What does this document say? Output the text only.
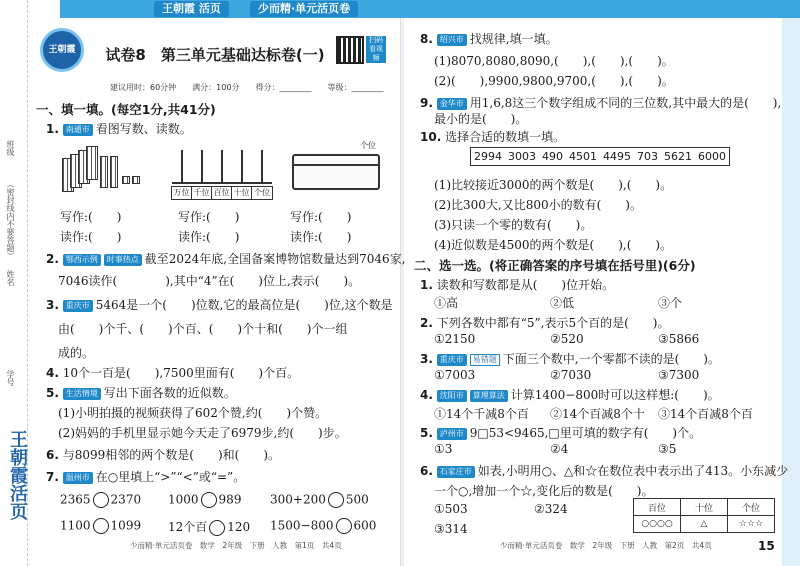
王朝霞 活页	少而精·单元活页卷
班级
（密封线内不要答题）
姓名
学号
王朝霞活页
王朝霞	试卷8　第三单元基础达标卷(一)
扫码看视频
建议用时：60分钟　　满分：100分　　得分：________　　等级：________
一、填一填。(每空1分,共41分)
1. 南通市 看图写数、读数。
万位 千位 百位 十位 个位
个位
写作:(　　)	写作:(　　)	写作:(　　)
读作:(　　)	读作:(　　)	读作:(　　)
2. 鄂西示例 时事热点 截至2024年底,全国备案博物馆数量达到7046家,
7046读作(　　　　),其中“4”在(　　)位上,表示(　　)。
3. 重庆市 5464是一个(　　)位数,它的最高位是(　　)位,这个数是
由(　　)个千、(　　)个百、(　　)个十和(　　)个一组
成的。
4. 10个一百是(　　),7500里面有(　　)个百。
5. 生活情境 写出下面各数的近似数。
(1)小明拍摄的视频获得了602个赞,约(　　)个赞。
(2)妈妈的手机里显示她今天走了6979步,约(　　)步。
6. 与8099相邻的两个数是(　　)和(　　)。
7. 温州市 在○里填上“>”“<”或“=”。
2365 2370 1000 989 300+200 500
1100 1099 12个百 120 1500−800 600
少而精·单元活页卷　数学　2年级　下册　人教　第1页　共4页
8. 绍兴市 找规律,填一填。
(1)8070,8080,8090,(　　),(　　),(　　)。
(2)(　　),9900,9800,9700,(　　),(　　)。
9. 金华市 用1,6,8这三个数字组成不同的三位数,其中最大的是(　　),
最小的是(　　)。
10. 选择合适的数填一填。
2994 3003 490 4501 4495 703 5621 6000
(1)比较接近3000的两个数是(　　),(　　)。
(2)比300大,又比800小的数有(　　)。
(3)只读一个零的数有(　　)。
(4)近似数是4500的两个数是(　　),(　　)。
二、选一选。(将正确答案的序号填在括号里)(6分)
1. 读数和写数都是从(　　)位开始。
①高	②低	③个
2. 下列各数中都有“5”,表示5个百的是(　　)。
①2150	②520	③5866
3. 重庆市 易错题 下面三个数中,一个零都不读的是(　　)。
①7003	②7030	③7300
4. 沈阳市 算理算法 计算1400−800时可以这样想:(　　)。
①14个千减8个百 ②14个百减8个十 ③14个百减8个百
5. 泸州市 9□53<9465,□里可填的数字有(　　)个。
①3	②4	③5
6. 石家庄市 如表,小明用○、△和☆在数位表中表示出了413。小东减少
一个○,增加一个☆,变化后的数是(　　)。
①503	②324
③314
百位	十位	个位
○○○○	△	☆☆☆
少而精·单元活页卷　数学　2年级　下册　人教　第2页　共4页	15
